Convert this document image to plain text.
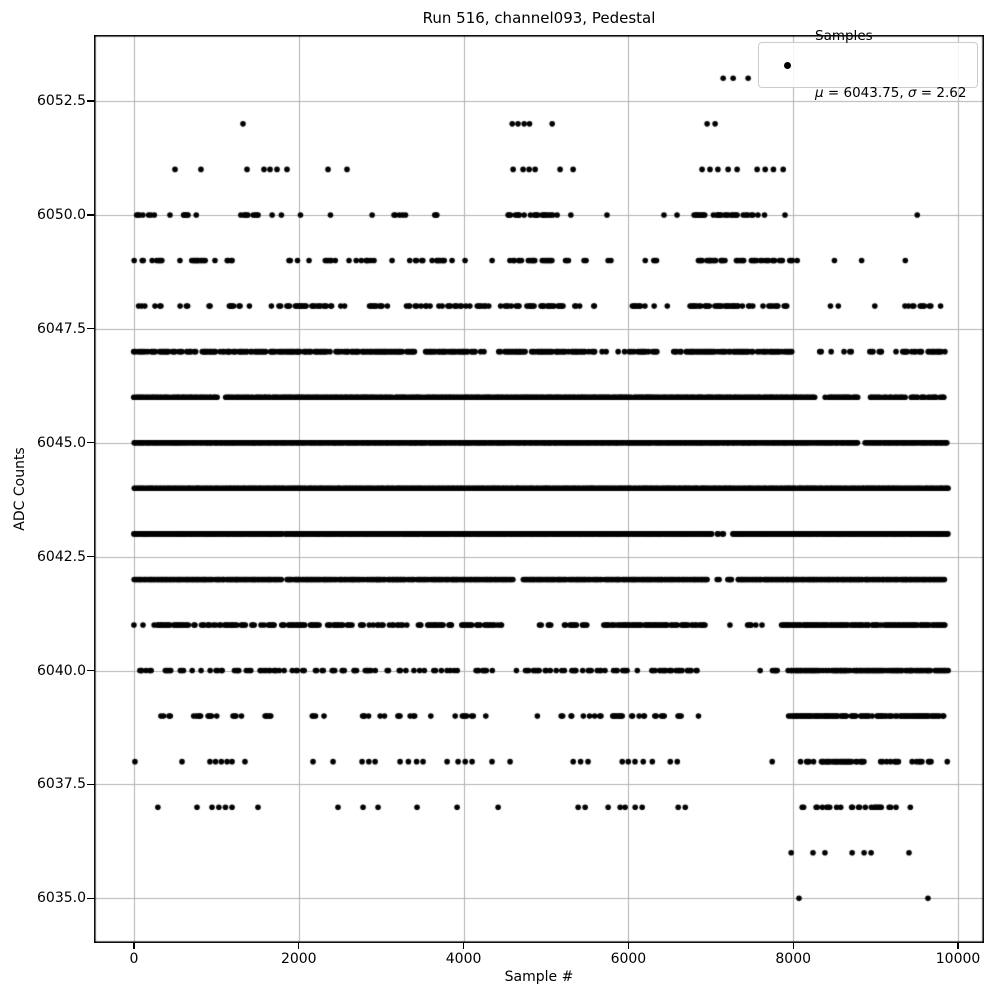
Run 516, channel093, Pedestal
ADC Counts
Sample #
0	2000	4000	6000	8000	10000
6035.0
6037.5
6040.0
6042.5
6045.0
6047.5
6050.0
6052.5

Samples

μ = 6043.75, σ = 2.62
